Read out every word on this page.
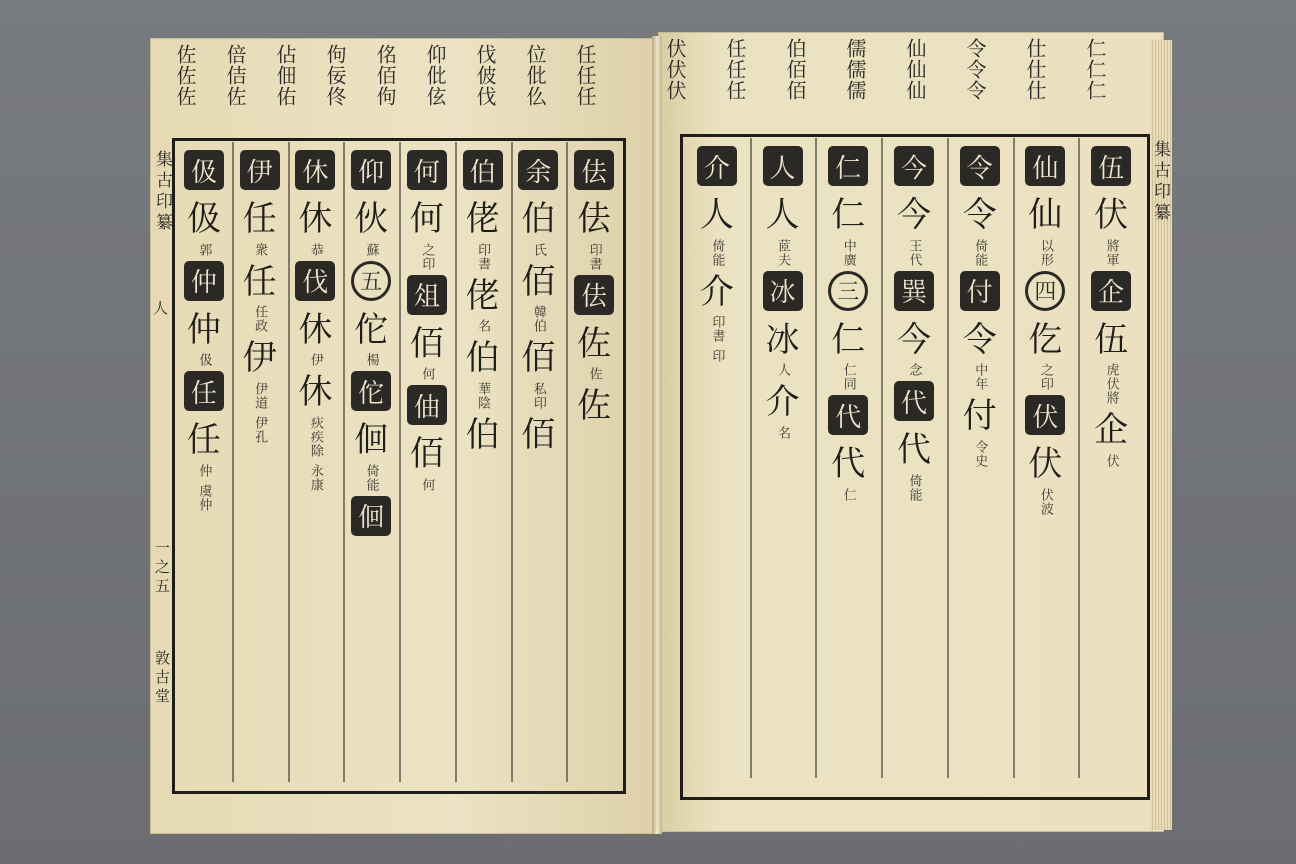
集古印纂
人
一之五
敦古堂
集古印纂
佐佐佐 倍佶佐 佔佃佑 佝佞佟 佲佰佝 仰仳伭 伐佊伐 位仳仫 任任任	伏伏伏 任任任 伯佰佰 儒儒儒 仙仙仙 令令令 仕仕仕 仁仁仁
佉
佉
印書
佉
佐
佐
佐
余
伯
氏
佰
韓伯
佰
私印
佰
伯
佬
印書
佬
名
伯
華陰
伯
何
何
之印
俎
佰
何
伷
佰
何
仰
伙
蘇
五
佗
楊
佗
佪
倚能
佪
休
休
恭
伐
休
伊
休
疢疾除
永康
伊
任
衆
任
任政
伊
伊道
伊孔
伋
伋
郭
仲
仲
伋
任
任
仲
虞仲
伍
伏
將軍
企
伍
虎伏將
企
伏
仙
仙
以形
四
仡
之印
伏
伏
伏波
令
令
倚能
付
令
中年
付
令史
今
今
王代
巽
今
念
代
代
倚能
仁
仁
中廣
三
仁
仁同
代
代
仁
人
人
茝夫
冰
冰
人
介
名
介
人
倚能
介
印書
印
